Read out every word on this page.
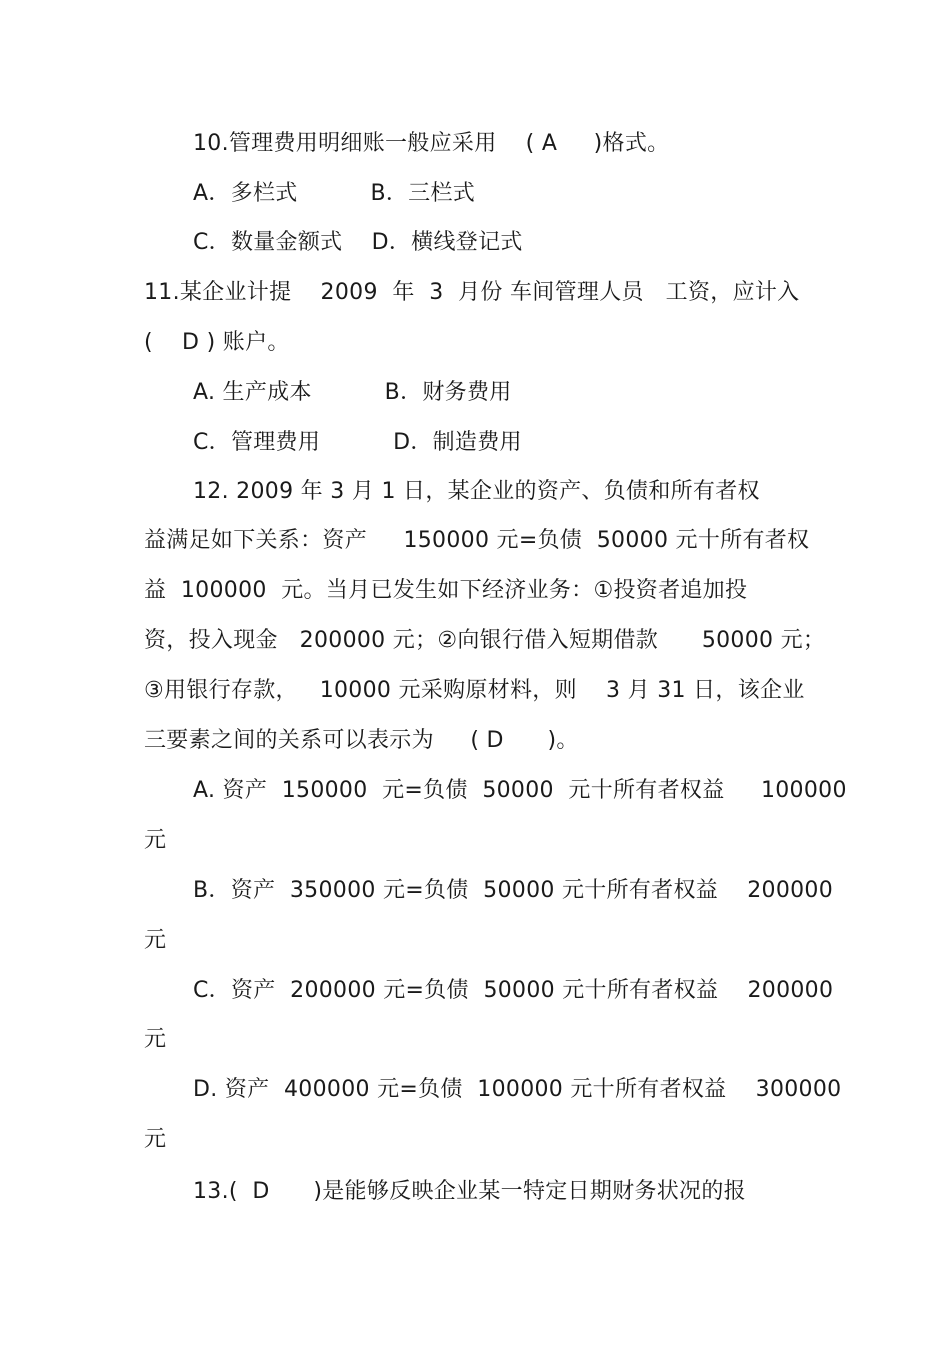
10.管理费用明细账一般应采用    ( A     )格式。
A．多栏式          B．三栏式
C．数量金额式    D．横线登记式
11.某企业计提    2009  年  3  月份 车间管理人员   工资，应计入
(    D ) 账户。
A. 生产成本          B．财务费用
C．管理费用          D．制造费用
12. 2009 年 3 月 1 日，某企业的资产、负债和所有者权
益满足如下关系：资产     150000 元=负债  50000 元十所有者权
益  100000  元。当月已发生如下经济业务：①投资者追加投
资，投入现金   200000 元；②向银行借入短期借款      50000 元；
③用银行存款，   10000 元采购原材料，则    3 月 31 日，该企业
三要素之间的关系可以表示为     ( D      )。
A. 资产  150000  元=负债  50000  元十所有者权益     100000
元
B．资产  350000 元=负债  50000 元十所有者权益    200000
元
C．资产  200000 元=负债  50000 元十所有者权益    200000
元
D. 资产  400000 元=负债  100000 元十所有者权益    300000
元
13.(  D      )是能够反映企业某一特定日期财务状况的报
